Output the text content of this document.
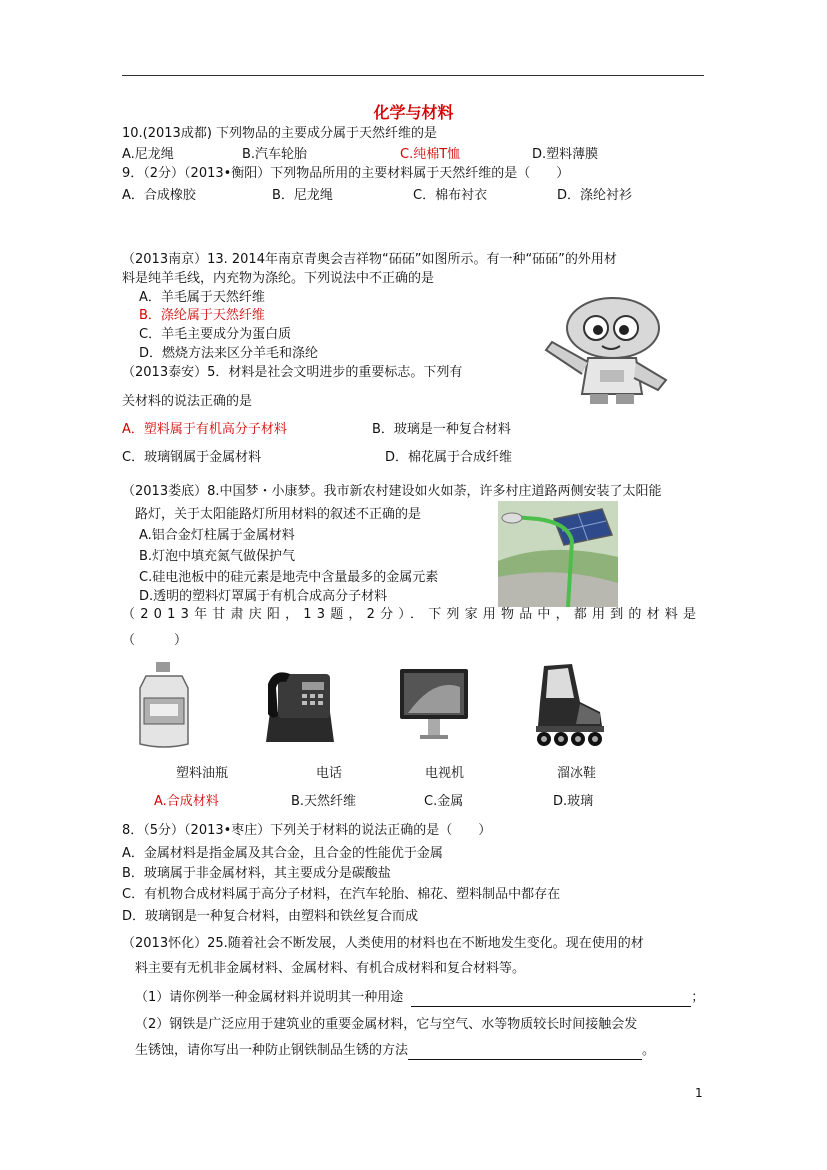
化学与材料
10.(2013成都) 下列物品的主要成分属于天然纤维的是
A.尼龙绳	B.汽车轮胎	C.纯棉T恤	D.塑料薄膜
9．（2分）（2013•衡阳）下列物品所用的主要材料属于天然纤维的是（　　）
A．合成橡胶	B．尼龙绳	C．棉布衬衣	D．涤纶衬衫
（2013南京）13. 2014年南京青奥会吉祥物“砳砳”如图所示。有一种“砳砳”的外用材
料是纯羊毛线，内充物为涤纶。下列说法中不正确的是
A．羊毛属于天然纤维
B．涤纶属于天然纤维
C．羊毛主要成分为蛋白质
D．燃烧方法来区分羊毛和涤纶
（2013泰安）5．材料是社会文明进步的重要标志。下列有
关材料的说法正确的是
A．塑料属于有机高分子材料	B．玻璃是一种复合材料
C．玻璃钢属于金属材料	D．棉花属于合成纤维
（2013娄底）8.中国梦・小康梦。我市新农村建设如火如荼，许多村庄道路两侧安装了太阳能
路灯，关于太阳能路灯所用材料的叙述不正确的是
A.铝合金灯柱属于金属材料
B.灯泡中填充氮气做保护气
C.硅电池板中的硅元素是地壳中含量最多的金属元素
D.透明的塑料灯罩属于有机合成高分子材料
（2013年甘肃庆阳，13题，2分）．下列家用物品中，都用到的材料是
（　　　）
塑料油瓶	电话	电视机	溜冰鞋
A.合成材料	B.天然纤维	C.金属	D.玻璃
8．（5分）（2013•枣庄）下列关于材料的说法正确的是（　　）
A．金属材料是指金属及其合金，且合金的性能优于金属
B．玻璃属于非金属材料，其主要成分是碳酸盐
C．有机物合成材料属于高分子材料，在汽车轮胎、棉花、塑料制品中都存在
D．玻璃钢是一种复合材料，由塑料和铁丝复合而成
（2013怀化）25.随着社会不断发展，人类使用的材料也在不断地发生变化。现在使用的材
料主要有无机非金属材料、金属材料、有机合成材料和复合材料等。
（1）请你例举一种金属材料并说明其一种用途	；
（2）钢铁是广泛应用于建筑业的重要金属材料，它与空气、水等物质较长时间接触会发
生锈蚀，请你写出一种防止钢铁制品生锈的方法	。
1
